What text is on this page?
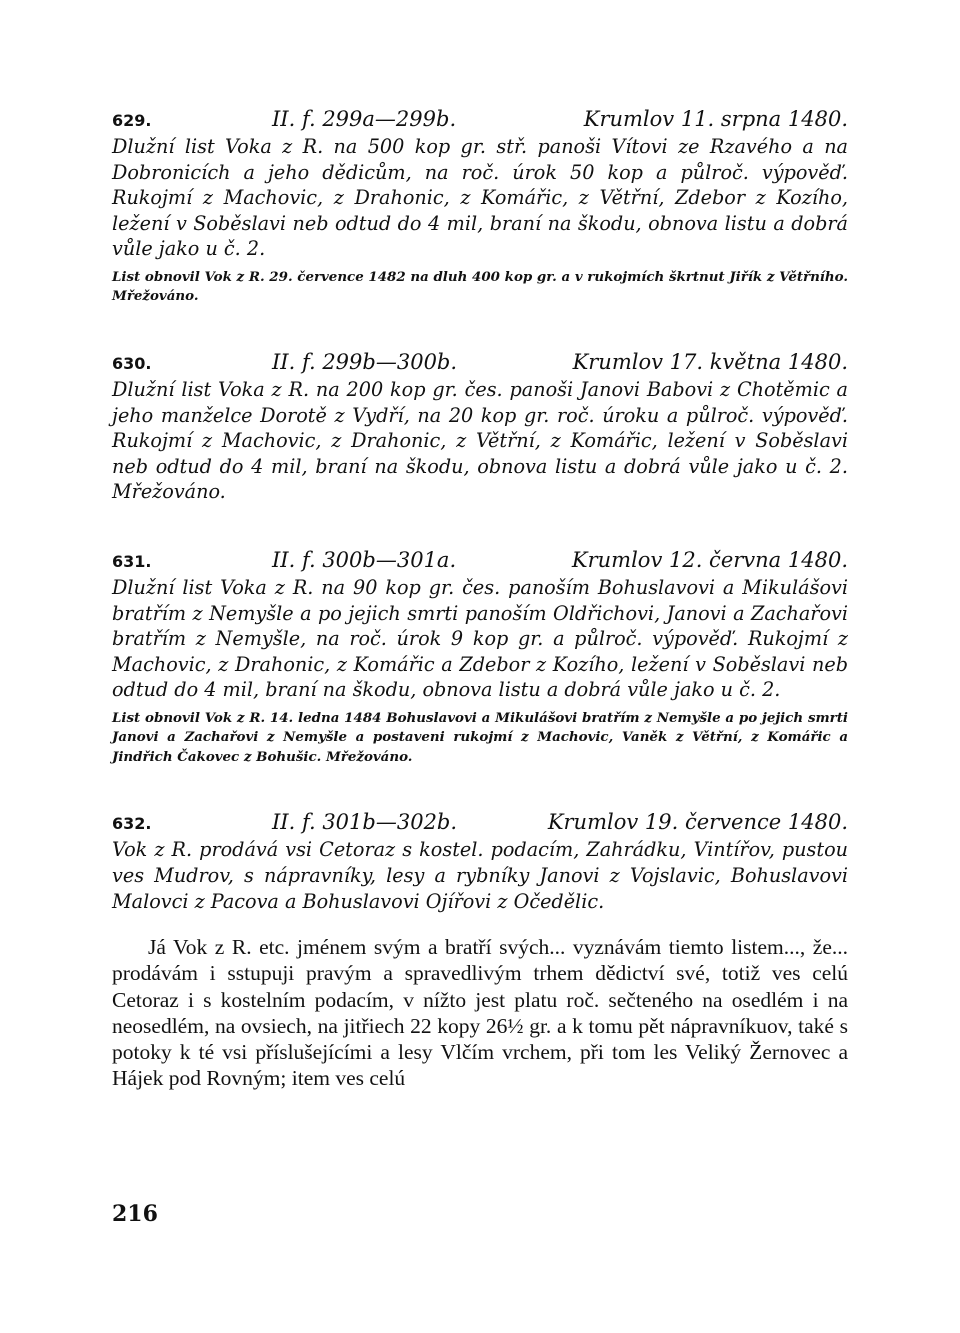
629.	II. f. 299a—299b.	Krumlov 11. srpna 1480.

Dlužní list Voka z R. na 500 kop gr. stř. panoši Vítovi ze Rzavého a na Dobronicích a jeho dědicům, na roč. úrok 50 kop a půlroč. výpověď. Rukojmí z Machovic, z Drahonic, z Komářic, z Větřní, Zdebor z Kozího, ležení v Soběslavi neb odtud do 4 mil, braní na škodu, obnova listu a dobrá vůle jako u č. 2.

List obnovil Vok z R. 29. července 1482 na dluh 400 kop gr. a v rukojmích škrtnut Jiřík z Větřního. Mřežováno.

630.	II. f. 299b—300b.	Krumlov 17. května 1480.

Dlužní list Voka z R. na 200 kop gr. čes. panoši Janovi Babovi z Chotěmic a jeho manželce Dorotě z Vydří, na 20 kop gr. roč. úroku a půlroč. výpověď. Rukojmí z Machovic, z Drahonic, z Větřní, z Komářic, ležení v Soběslavi neb odtud do 4 mil, braní na škodu, obnova listu a dobrá vůle jako u č. 2. Mřežováno.

631.	II. f. 300b—301a.	Krumlov 12. června 1480.

Dlužní list Voka z R. na 90 kop gr. čes. panoším Bohuslavovi a Mikulášovi bratřím z Nemyšle a po jejich smrti panoším Oldřichovi, Janovi a Zachařovi bratřím z Nemyšle, na roč. úrok 9 kop gr. a půlroč. výpověď. Rukojmí z Machovic, z Drahonic, z Komářic a Zdebor z Kozího, ležení v Soběslavi neb odtud do 4 mil, braní na škodu, obnova listu a dobrá vůle jako u č. 2.

List obnovil Vok z R. 14. ledna 1484 Bohuslavovi a Mikulášovi bratřím z Nemyšle a po jejich smrti Janovi a Zachařovi z Nemyšle a postaveni rukojmí z Machovic, Vaněk z Větřní, z Komářic a Jindřich Čakovec z Bohušic. Mřežováno.

632.	II. f. 301b—302b.	Krumlov 19. července 1480.

Vok z R. prodává vsi Cetoraz s kostel. podacím, Zahrádku, Vintířov, pustou ves Mudrov, s nápravníky, lesy a rybníky Janovi z Vojslavic, Bohuslavovi Malovci z Pacova a Bohuslavovi Ojířovi z Očedělic.

Já Vok z R. etc. jménem svým a bratří svých... vyznávám tiemto listem..., že... prodávám i sstupuji pravým a spravedlivým trhem dědictví své, totiž ves celú Cetoraz i s kostelním podacím, v nížto jest platu roč. sečteného na osedlém i na neosedlém, na ovsiech, na jitřiech 22 kopy 26½ gr. a k tomu pět nápravníkuov, také s potoky k té vsi příslušejícími a lesy Vlčím vrchem, při tom les Veliký Žernovec a Hájek pod Rovným; item ves celú

216
